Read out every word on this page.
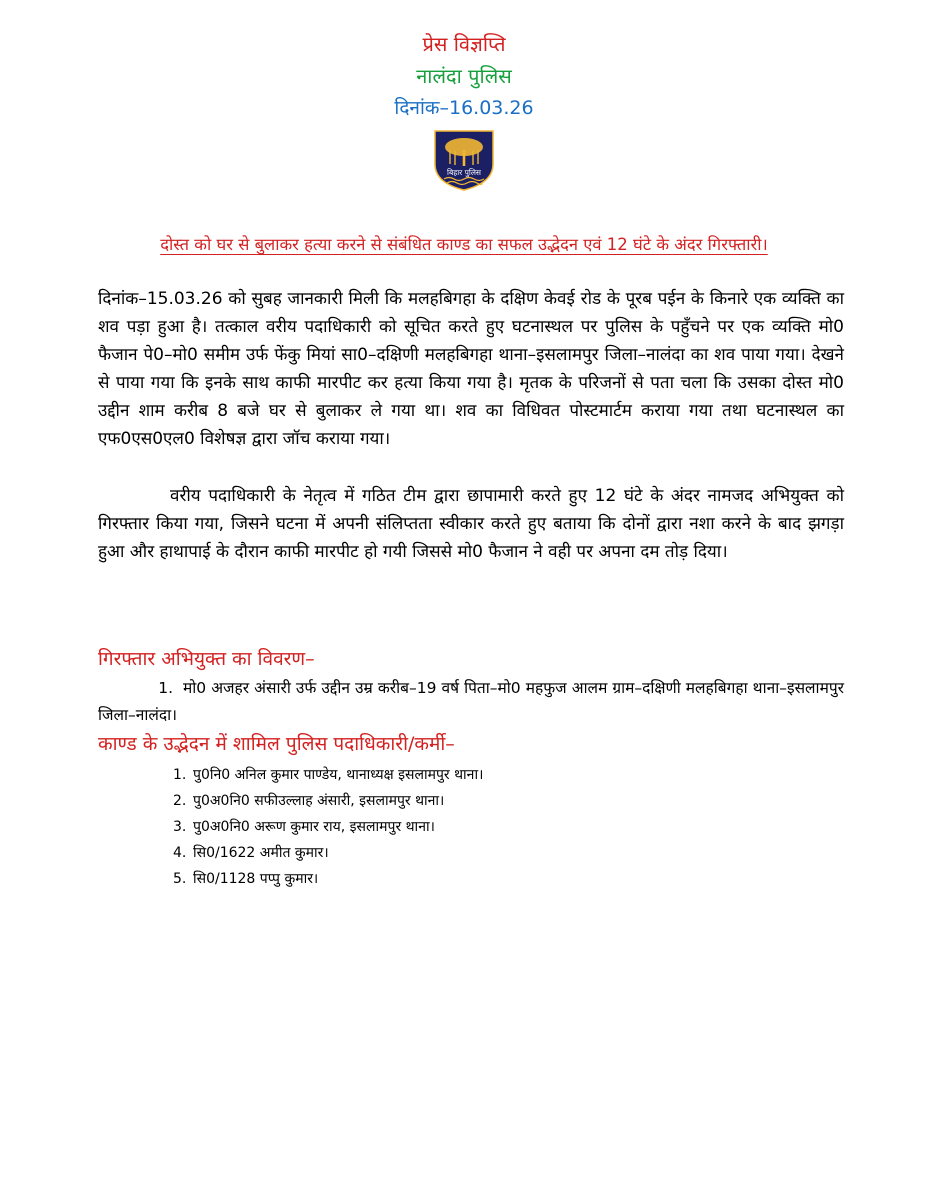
प्रेस विज्ञप्ति
नालंदा पुलिस
दिनांक–16.03.26
बिहार पुलिस
दोस्त को घर से बुलाकर हत्या करने से संबंधित काण्ड का सफल उद्भेदन एवं 12 घंटे के अंदर गिरफ्तारी।

दिनांक–15.03.26 को सुबह जानकारी मिली कि मलहबिगहा के दक्षिण केवई रोड के पूरब पईन के किनारे एक व्यक्ति का शव पड़ा हुआ है। तत्काल वरीय पदाधिकारी को सूचित करते हुए घटनास्थल पर पुलिस के पहुँचने पर एक व्यक्ति मो0 फैजान पे0–मो0 समीम उर्फ फेंकु मियां सा0–दक्षिणी मलहबिगहा थाना–इसलामपुर जिला–नालंदा का शव पाया गया। देखने से पाया गया कि इनके साथ काफी मारपीट कर हत्या किया गया है। मृतक के परिजनों से पता चला कि उसका दोस्त मो0 उद्दीन शाम करीब 8 बजे घर से बुलाकर ले गया था। शव का विधिवत पोस्टमार्टम कराया गया तथा घटनास्थल का एफ0एस0एल0 विशेषज्ञ द्वारा जॉच कराया गया।

वरीय पदाधिकारी के नेतृत्व में गठित टीम द्वारा छापामारी करते हुए 12 घंटे के अंदर नामजद अभियुक्त को गिरफ्तार किया गया, जिसने घटना में अपनी संलिप्तता स्वीकार करते हुए बताया कि दोनों द्वारा नशा करने के बाद झगड़ा हुआ और हाथापाई के दौरान काफी मारपीट हो गयी जिससे मो0 फैजान ने वही पर अपना दम तोड़ दिया।

गिरफ्तार अभियुक्त का विवरण–

1. मो0 अजहर अंसारी उर्फ उद्दीन उम्र करीब–19 वर्ष पिता–मो0 महफुज आलम ग्राम–दक्षिणी मलहबिगहा थाना–इसलामपुर जिला–नालंदा।

काण्ड के उद्भेदन में शामिल पुलिस पदाधिकारी/कर्मी–
1. पु0नि0 अनिल कुमार पाण्डेय, थानाध्यक्ष इसलामपुर थाना।
2. पु0अ0नि0 सफीउल्लाह अंसारी, इसलामपुर थाना।
3. पु0अ0नि0 अरूण कुमार राय, इसलामपुर थाना।
4. सि0/1622 अमीत कुमार।
5. सि0/1128 पप्पु कुमार।
